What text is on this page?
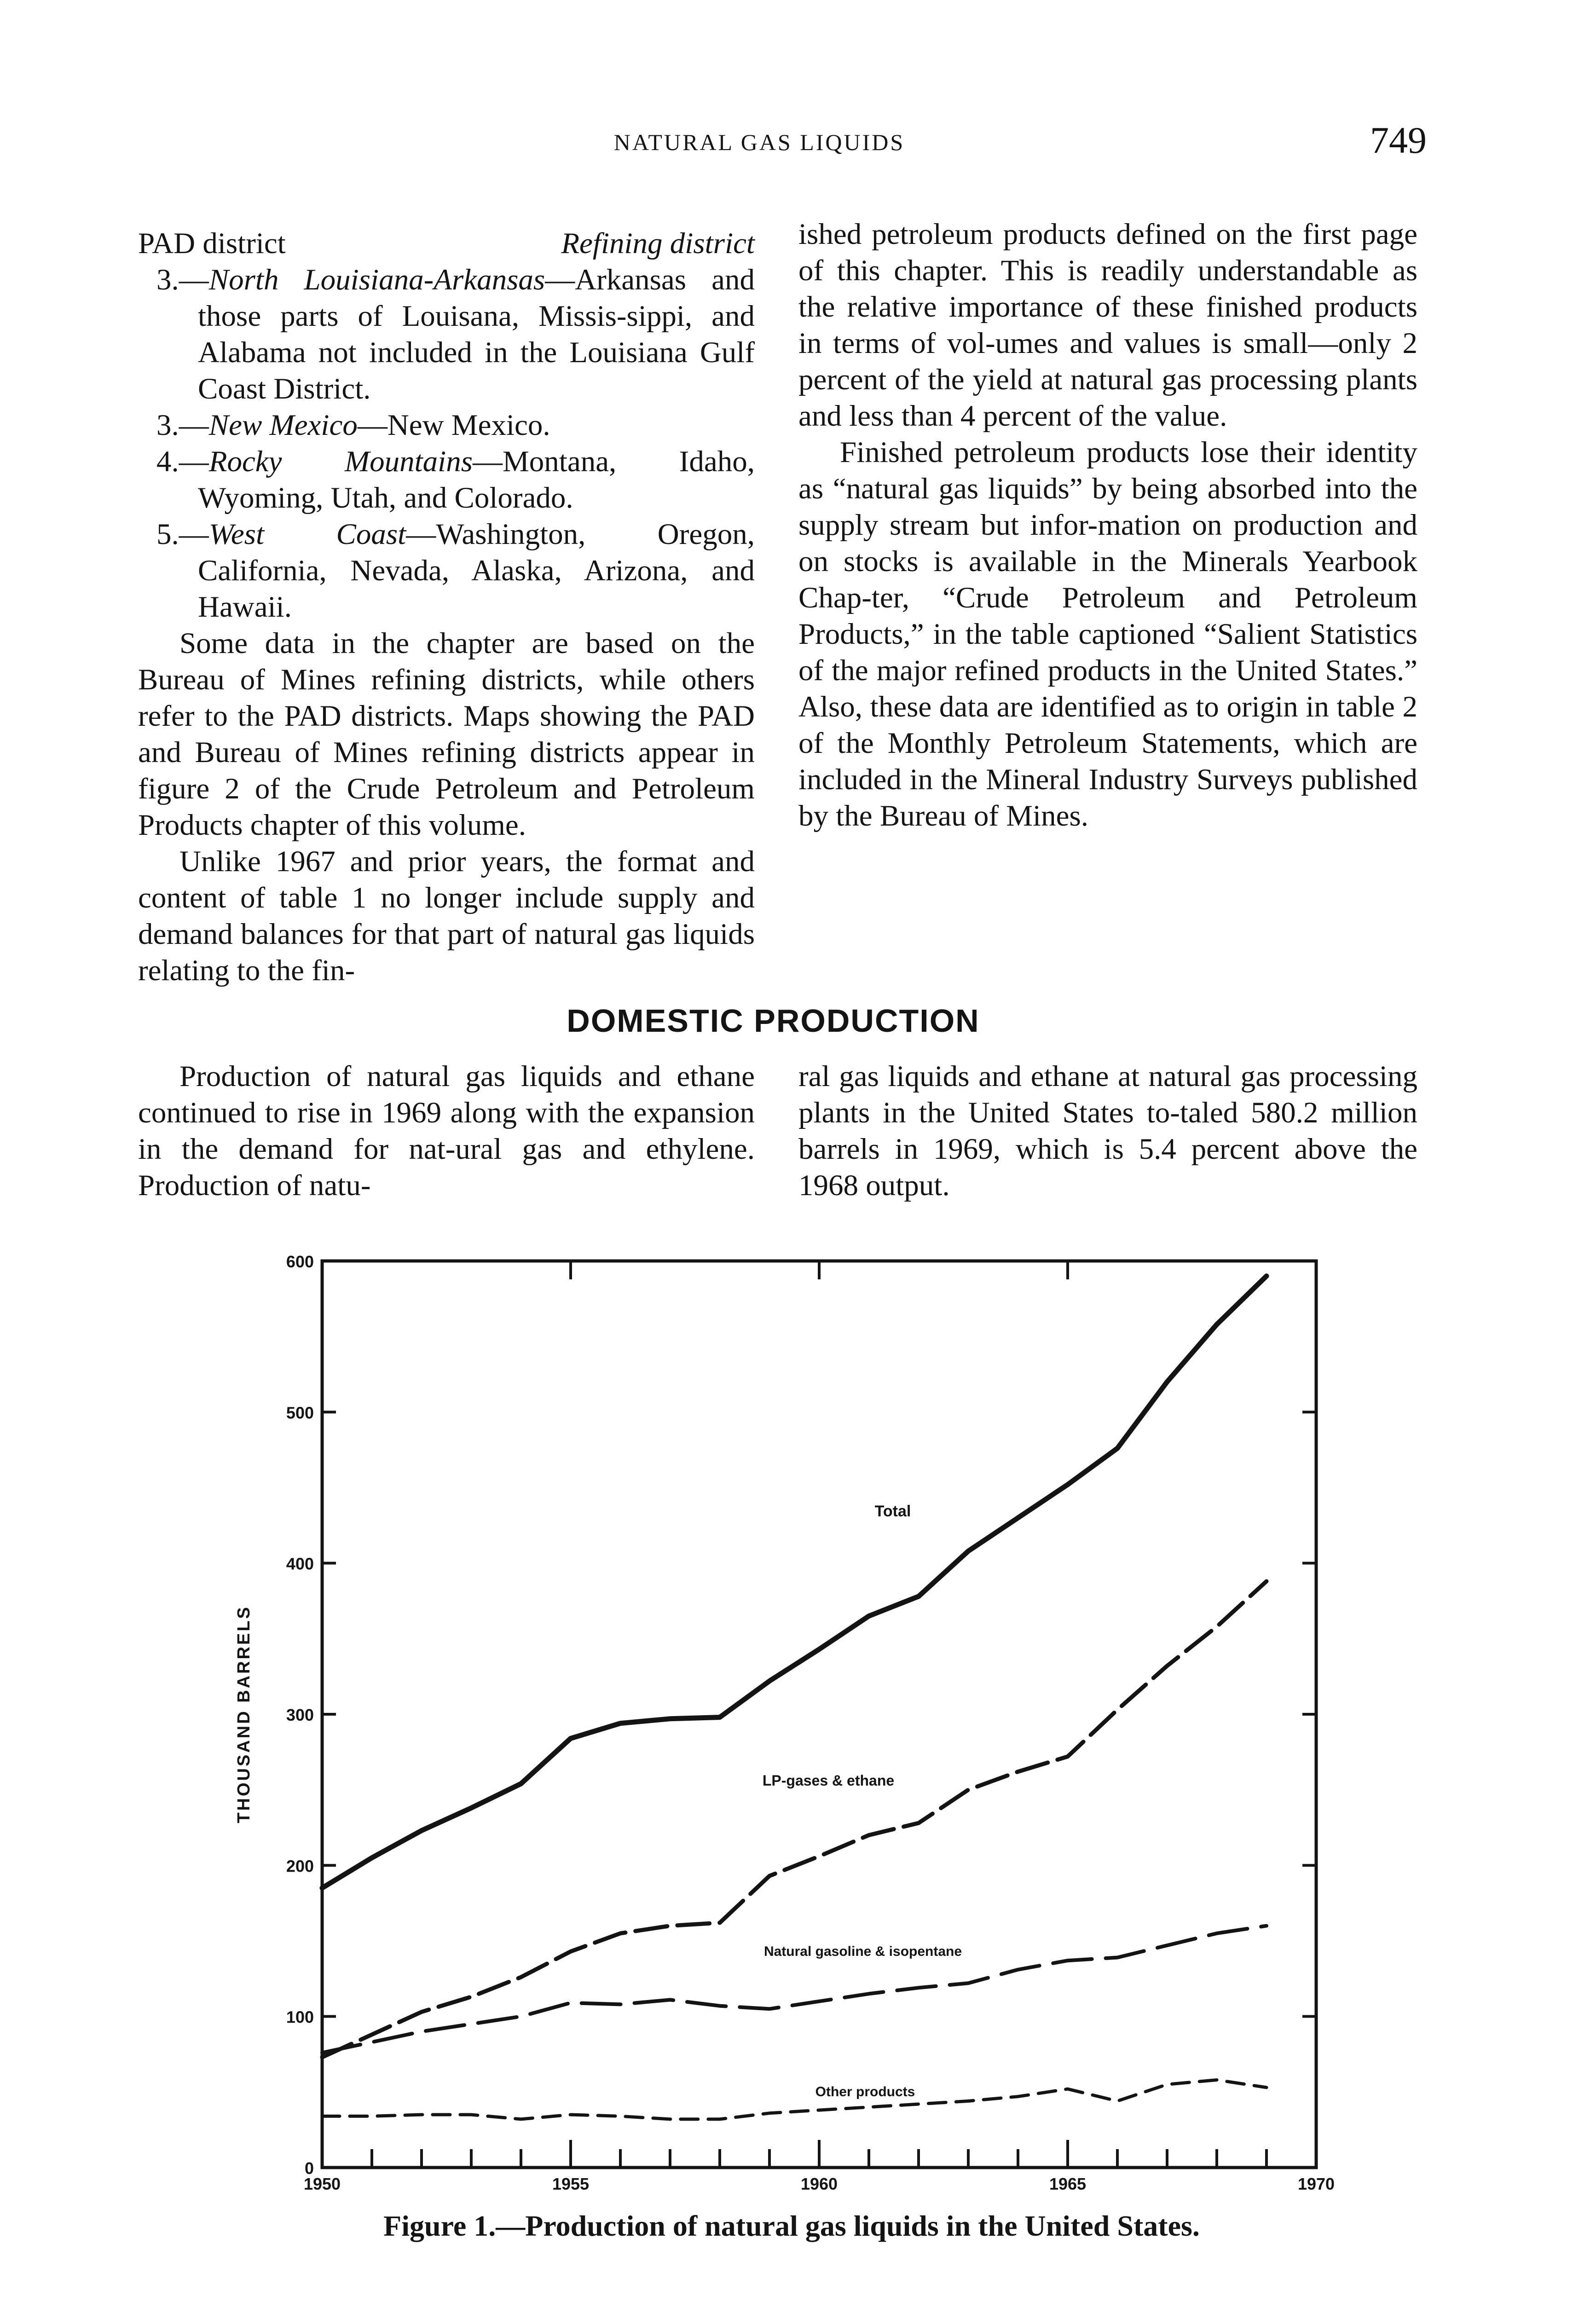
NATURAL GAS LIQUIDS	749
PAD district	Refining district

3.—North Louisiana-Arkansas—Arkansas and those parts of Louisana, Missis-sippi, and Alabama not included in the Louisiana Gulf Coast District.

3.—New Mexico—New Mexico.

4.—Rocky Mountains—Montana, Idaho, Wyoming, Utah, and Colorado.

5.—West Coast—Washington, Oregon, California, Nevada, Alaska, Arizona, and Hawaii.

Some data in the chapter are based on the Bureau of Mines refining districts, while others refer to the PAD districts. Maps showing the PAD and Bureau of Mines refining districts appear in figure 2 of the Crude Petroleum and Petroleum Products chapter of this volume.

Unlike 1967 and prior years, the format and content of table 1 no longer include supply and demand balances for that part of natural gas liquids relating to the fin-

ished petroleum products defined on the first page of this chapter. This is readily understandable as the relative importance of these finished products in terms of vol-umes and values is small—only 2 percent of the yield at natural gas processing plants and less than 4 percent of the value.

Finished petroleum products lose their identity as “natural gas liquids” by being absorbed into the supply stream but infor-mation on production and on stocks is available in the Minerals Yearbook Chap-ter, “Crude Petroleum and Petroleum Products,” in the table captioned “Salient Statistics of the major refined products in the United States.” Also, these data are identified as to origin in table 2 of the Monthly Petroleum Statements, which are included in the Mineral Industry Surveys published by the Bureau of Mines.

DOMESTIC PRODUCTION

Production of natural gas liquids and ethane continued to rise in 1969 along with the expansion in the demand for nat-ural gas and ethylene. Production of natu-

ral gas liquids and ethane at natural gas processing plants in the United States to-taled 580.2 million barrels in 1969, which is 5.4 percent above the 1968 output.

0
100
200
300
400
500
600
1950	1955	1960	1965	1970
THOUSAND BARRELS
Total
LP-gases & ethane
Natural gasoline & isopentane
Other products
Figure 1.—Production of natural gas liquids in the United States.
